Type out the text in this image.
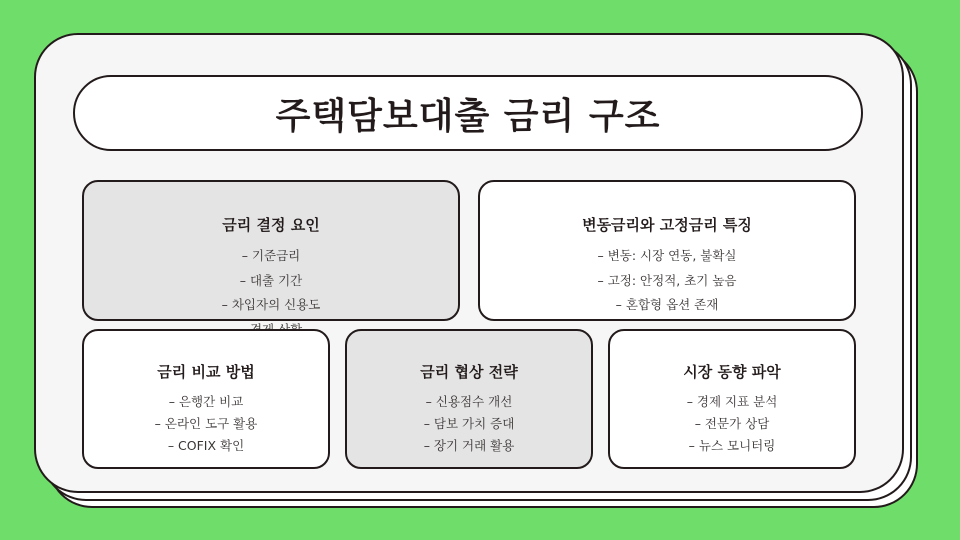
주택담보대출 금리 구조
금리 결정 요인
– 기준금리
– 대출 기간
– 차입자의 신용도
변동금리와 고정금리 특징
– 변동: 시장 연동, 불확실
– 고정: 안정적, 초기 높음
– 혼합형 옵션 존재
금리 비교 방법
– 은행간 비교
– 온라인 도구 활용
– COFIX 확인
금리 협상 전략
– 신용점수 개선
– 담보 가치 증대
– 장기 거래 활용
시장 동향 파악
– 경제 지표 분석
– 전문가 상담
– 뉴스 모니터링
